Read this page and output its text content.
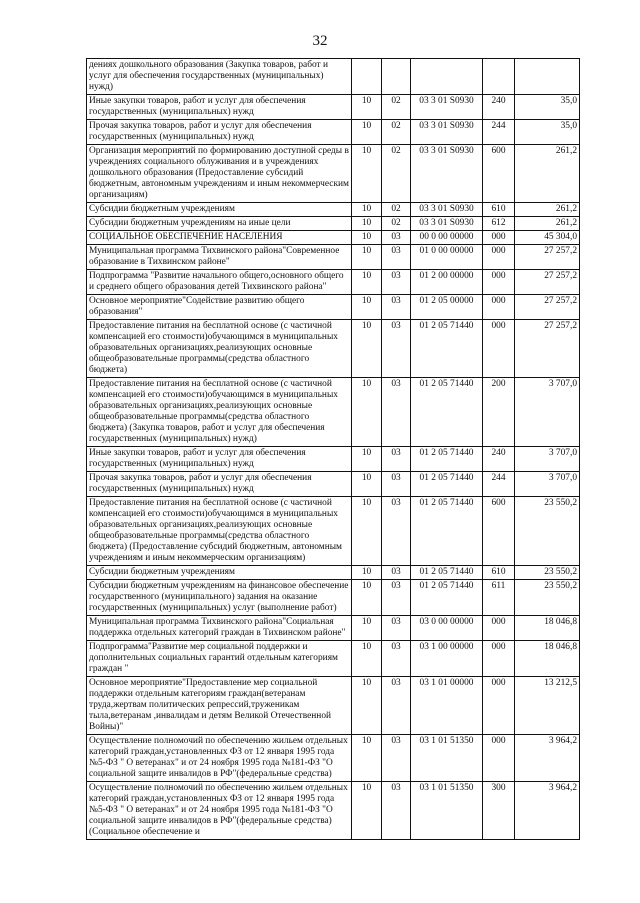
32
дениях дошкольного образования (Закупка товаров, работ и услуг для обеспечения государственных (муниципальных) нужд)					
Иные закупки товаров, работ и услуг для обеспечения государственных (муниципальных) нужд	10	02	03 3 01 S0930	240	35,0
Прочая закупка товаров, работ и услуг для обеспечения государственных (муниципальных) нужд	10	02	03 3 01 S0930	244	35,0
Организация мероприятий по формированию доступной среды в учреждениях социального облуживания и в учреждениях дошкольного образования (Предоставление субсидий бюджетным, автономным учреждениям и иным некоммерческим организациям)	10	02	03 3 01 S0930	600	261,2
Субсидии бюджетным учреждениям	10	02	03 3 01 S0930	610	261,2
Субсидии бюджетным учреждениям на иные цели	10	02	03 3 01 S0930	612	261,2
СОЦИАЛЬНОЕ ОБЕСПЕЧЕНИЕ НАСЕЛЕНИЯ	10	03	00 0 00 00000	000	45 304,0
Муниципальная программа Тихвинского района"Современное образование в Тихвинском районе"	10	03	01 0 00 00000	000	27 257,2
Подпрограмма "Развитие начального общего,основного общего и среднего общего образования детей Тихвинского района"	10	03	01 2 00 00000	000	27 257,2
Основное мероприятие"Содействие развитию общего образования"	10	03	01 2 05 00000	000	27 257,2
Предоставление питания на бесплатной основе (с частичной компенсацией его стоимости)обучающимся в муниципальных образовательных организациях,реализующих основные общеобразовательные программы(средства областного бюджета)	10	03	01 2 05 71440	000	27 257,2
Предоставление питания на бесплатной основе (с частичной компенсацией его стоимости)обучающимся в муниципальных образовательных организациях,реализующих основные общеобразовательные программы(средства областного бюджета) (Закупка товаров, работ и услуг для обеспечения государственных (муниципальных) нужд)	10	03	01 2 05 71440	200	3 707,0
Иные закупки товаров, работ и услуг для обеспечения государственных (муниципальных) нужд	10	03	01 2 05 71440	240	3 707,0
Прочая закупка товаров, работ и услуг для обеспечения государственных (муниципальных) нужд	10	03	01 2 05 71440	244	3 707,0
Предоставление питания на бесплатной основе (с частичной компенсацией его стоимости)обучающимся в муниципальных образовательных организациях,реализующих основные общеобразовательные программы(средства областного бюджета) (Предоставление субсидий бюджетным, автономным учреждениям и иным некоммерческим организациям)	10	03	01 2 05 71440	600	23 550,2
Субсидии бюджетным учреждениям	10	03	01 2 05 71440	610	23 550,2
Субсидии бюджетным учреждениям на финансовое обеспечение государственного (муниципального) задания на оказание государственных (муниципальных) услуг (выполнение работ)	10	03	01 2 05 71440	611	23 550,2
Муниципальная программа Тихвинского района"Социальная поддержка отдельных категорий граждан в Тихвинском районе"	10	03	03 0 00 00000	000	18 046,8
Подпрограмма"Развитие мер социальной поддержки и дополнительных социальных гарантий отдельным категориям граждан "	10	03	03 1 00 00000	000	18 046,8
Основное мероприятие"Предоставление мер социальной поддержки отдельным категориям граждан(ветеранам труда,жертвам политических репрессий,труженикам тыла,ветеранам ,инвалидам и детям Великой Отечественной Войны)"	10	03	03 1 01 00000	000	13 212,5
Осуществление полномочий по обеспечению жильем отдельных категорий граждан,установленных ФЗ от 12 января 1995 года №5-ФЗ " О ветеранах" и от 24 ноября 1995 года №181-ФЗ "О социальной защите инвалидов в РФ"(федеральные средства)	10	03	03 1 01 51350	000	3 964,2
Осуществление полномочий по обеспечению жильем отдельных категорий граждан,установленных ФЗ от 12 января 1995 года №5-ФЗ " О ветеранах" и от 24 ноября 1995 года №181-ФЗ "О социальной защите инвалидов в РФ"(федеральные средства) (Социальное обеспечение и	10	03	03 1 01 51350	300	3 964,2
